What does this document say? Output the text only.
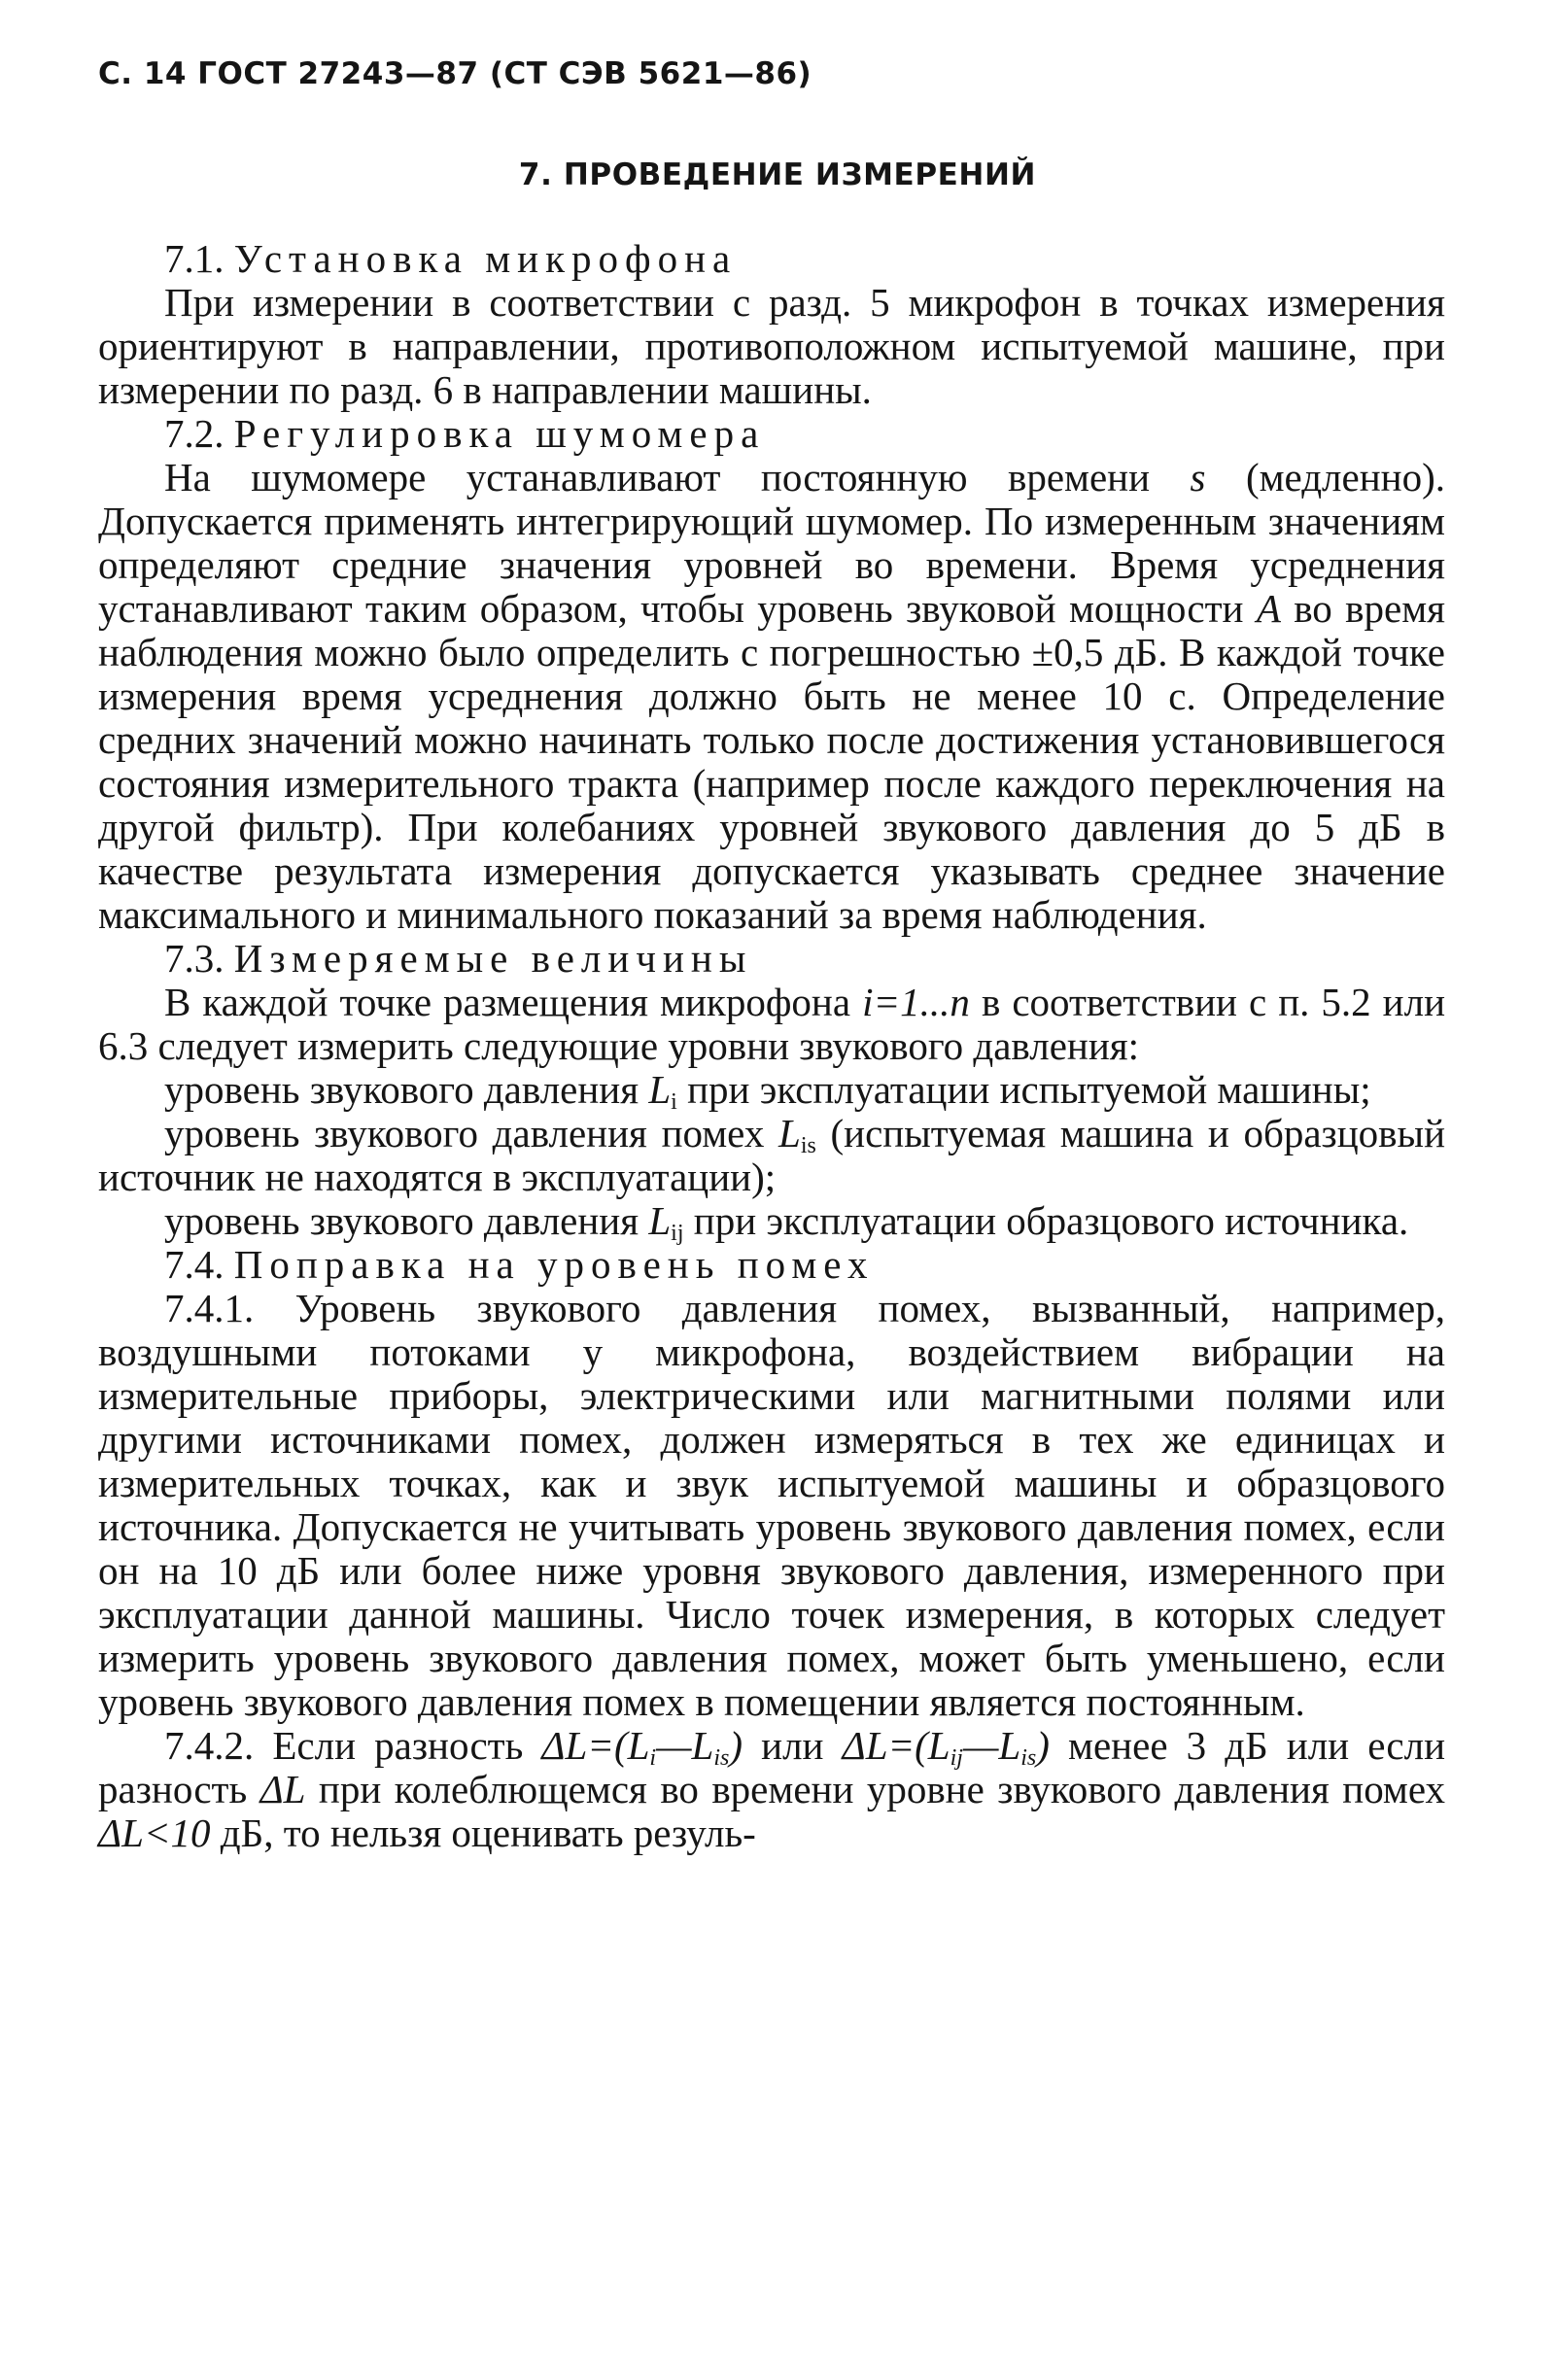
С. 14 ГОСТ 27243—87 (СТ СЭВ 5621—86)
7. ПРОВЕДЕНИЕ ИЗМЕРЕНИЙ

7.1. Установка микрофона

При измерении в соответствии с разд. 5 микрофон в точках измерения ориентируют в направлении, противоположном испытуемой машине, при измерении по разд. 6 в направлении машины.

7.2. Регулировка шумомера

На шумомере устанавливают постоянную времени s (медленно). Допускается применять интегрирующий шумомер. По измеренным значениям определяют средние значения уровней во времени. Время усреднения устанавливают таким образом, чтобы уровень звуковой мощности A во время наблюдения можно было определить с погрешностью ±0,5 дБ. В каждой точке измерения время усреднения должно быть не менее 10 с. Определение средних значений можно начинать только после достижения установившегося состояния измерительного тракта (например после каждого переключения на другой фильтр). При колебаниях уровней звукового давления до 5 дБ в качестве результата измерения допускается указывать среднее значение максимального и минимального показаний за время наблюдения.

7.3. Измеряемые величины

В каждой точке размещения микрофона i=1...n в соответствии с п. 5.2 или 6.3 следует измерить следующие уровни звукового давления:

уровень звукового давления $L_i$ при эксплуатации испытуемой машины;

уровень звукового давления помех $L_{is}$ (испытуемая машина и образцовый источник не находятся в эксплуатации);

уровень звукового давления $L_{ij}$ при эксплуатации образцового источника.

7.4. Поправка на уровень помех

7.4.1. Уровень звукового давления помех, вызванный, например, воздушными потоками у микрофона, воздействием вибрации на измерительные приборы, электрическими или магнитными полями или другими источниками помех, должен измеряться в тех же единицах и измерительных точках, как и звук испытуемой машины и образцового источника. Допускается не учитывать уровень звукового давления помех, если он на 10 дБ или более ниже уровня звукового давления, измеренного при эксплуатации данной машины. Число точек измерения, в которых следует измерить уровень звукового давления помех, может быть уменьшено, если уровень звукового давления помех в помещении является постоянным.

7.4.2. Если разность $\Delta L=(L_i—L_{is})$ или $\Delta L=(L_{ij}—L_{is})$ менее 3 дБ или если разность ΔL при колеблющемся во времени уровне звукового давления помех ΔL<10 дБ, то нельзя оценивать резуль-
